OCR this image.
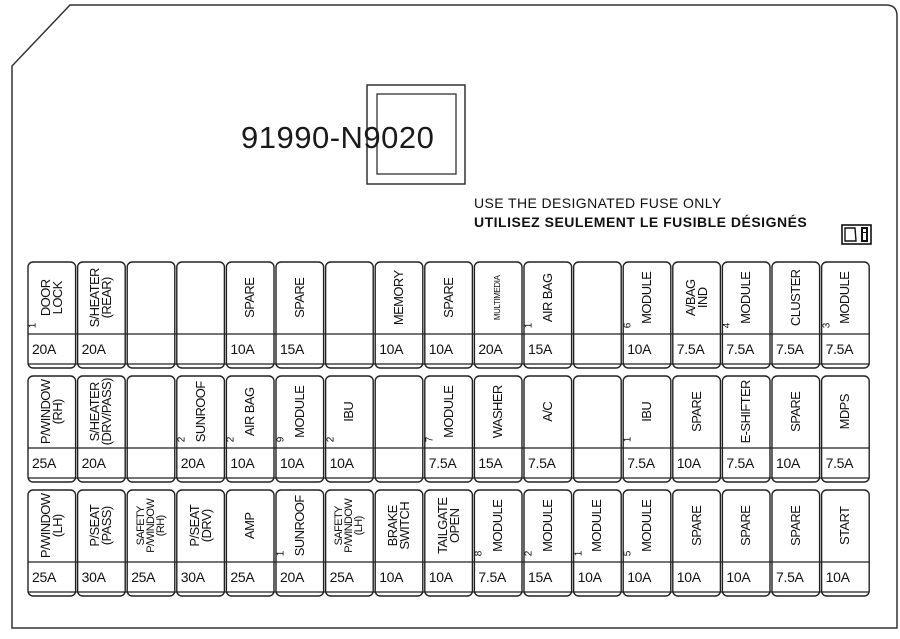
91990-N9020
USE THE DESIGNATED FUSE ONLY
UTILISEZ SEULEMENT LE FUSIBLE DÉSIGNÉS
DOOR
LOCK
1
20A
S/HEATER
(REAR)
20A
SPARE
10A
SPARE
15A
MEMORY
10A
SPARE
10A
MULTIMEDIA
20A
AIR BAG
1
15A
MODULE
6
10A
A/BAG
IND
7.5A
MODULE
4
7.5A
CLUSTER
7.5A
MODULE
3
7.5A
P/WINDOW
(RH)
25A
S/HEATER
(DRV/PASS)
20A
SUNROOF
2
20A
AIR BAG
2
10A
MODULE
9
10A
IBU
2
10A
MODULE
7
7.5A
WASHER
15A
A/C
7.5A
IBU
1
7.5A
SPARE
10A
E-SHIFTER
7.5A
SPARE
10A
MDPS
7.5A
P/WINDOW
(LH)
25A
P/SEAT
(PASS)
30A
SAFETY
P/WINDOW
(RH)
25A
P/SEAT
(DRV)
30A
AMP
25A
SUNROOF
1
20A
SAFETY
P/WINDOW
(LH)
25A
BRAKE
SWITCH
10A
TAILGATE
OPEN
10A
MODULE
8
7.5A
MODULE
2
15A
MODULE
1
10A
MODULE
5
10A
SPARE
10A
SPARE
10A
SPARE
7.5A
START
10A
